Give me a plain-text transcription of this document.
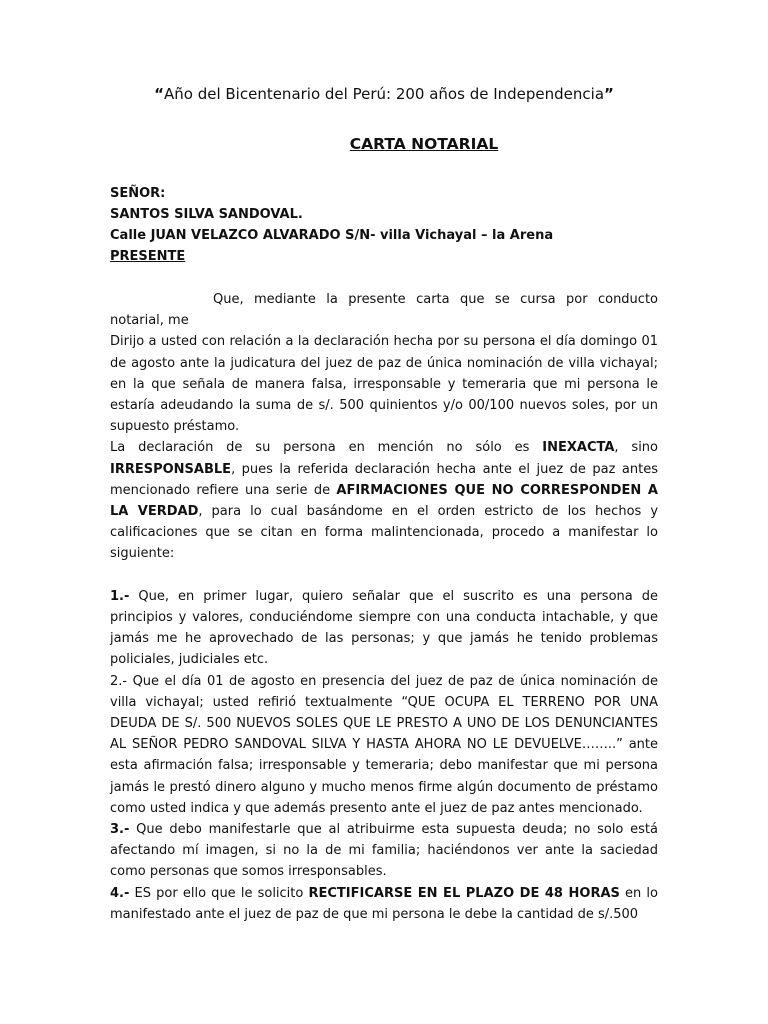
“Año del Bicentenario del Perú: 200 años de Independencia”
CARTA NOTARIAL
SEÑOR:
SANTOS SILVA SANDOVAL.
Calle JUAN VELAZCO ALVARADO S/N- villa Vichayal – la Arena
PRESENTE

Que, mediante la presente carta que se cursa por conducto notarial, me

Dirijo a usted con relación a la declaración hecha por su persona el día domingo 01 de agosto ante la judicatura del juez de paz de única nominación de villa vichayal; en la que señala de manera falsa, irresponsable y temeraria que mi persona le estaría adeudando la suma de s/. 500 quinientos y/o 00/100 nuevos soles, por un supuesto préstamo.

La declaración de su persona en mención no sólo es INEXACTA, sino IRRESPONSABLE, pues la referida declaración hecha ante el juez de paz antes mencionado refiere una serie de AFIRMACIONES QUE NO CORRESPONDEN A LA VERDAD, para lo cual basándome en el orden estricto de los hechos y calificaciones que se citan en forma malintencionada, procedo a manifestar lo siguiente:

1.- Que, en primer lugar, quiero señalar que el suscrito es una persona de principios y valores, conduciéndome siempre con una conducta intachable, y que jamás me he aprovechado de las personas; y que jamás he tenido problemas policiales, judiciales etc.

2.- Que el día 01 de agosto en presencia del juez de paz de única nominación de villa vichayal; usted refirió textualmente “QUE OCUPA EL TERRENO POR UNA DEUDA DE S/. 500 NUEVOS SOLES QUE LE PRESTO A UNO DE LOS DENUNCIANTES AL SEÑOR PEDRO SANDOVAL SILVA Y HASTA AHORA NO LE DEVUELVE……..” ante esta afirmación falsa; irresponsable y temeraria; debo manifestar que mi persona jamás le prestó dinero alguno y mucho menos firme algún documento de préstamo como usted indica y que además presento ante el juez de paz antes mencionado.

3.- Que debo manifestarle que al atribuirme esta supuesta deuda; no solo está afectando mí imagen, si no la de mi familia; haciéndonos ver ante la saciedad como personas que somos irresponsables.

4.- ES por ello que le solicito RECTIFICARSE EN EL PLAZO DE 48 HORAS en lo manifestado ante el juez de paz de que mi persona le debe la cantidad de s/.500
